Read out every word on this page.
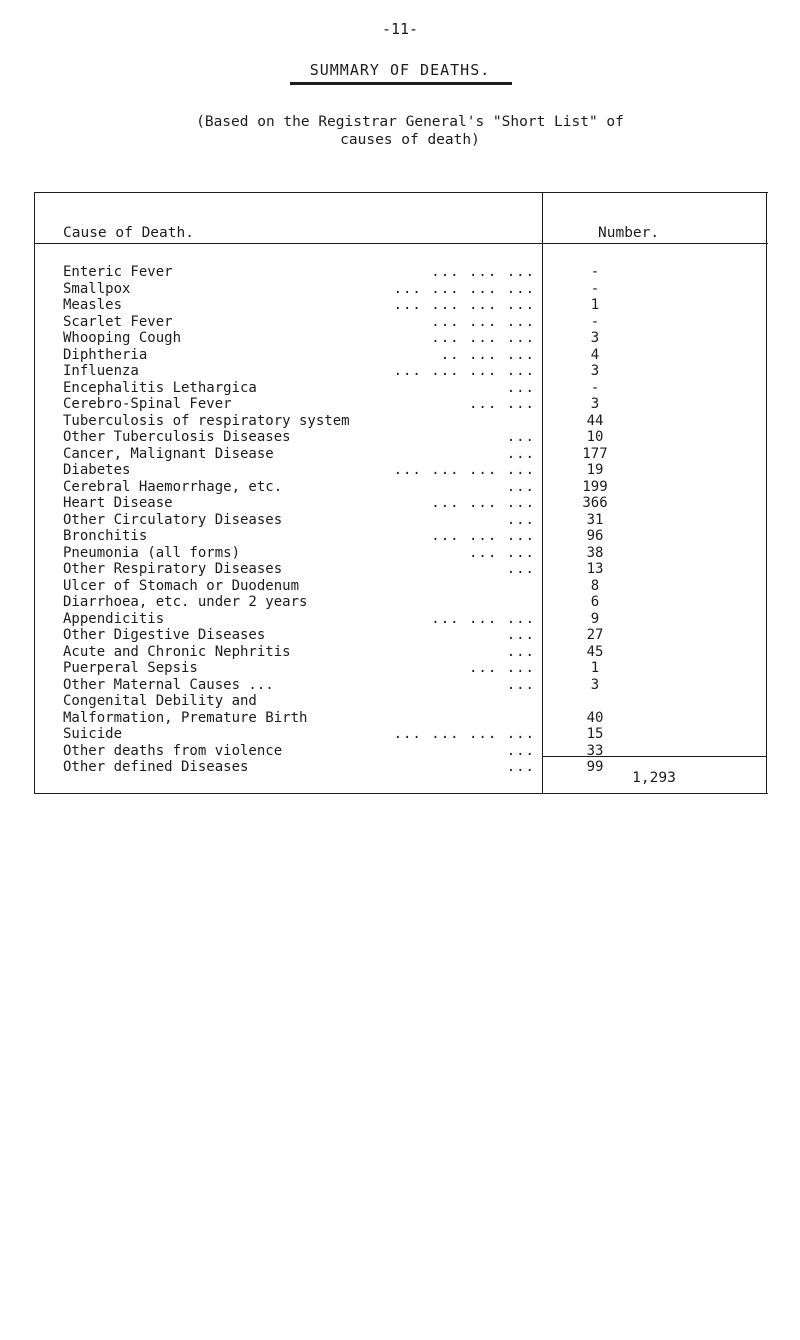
-11-
SUMMARY OF DEATHS.
(Based on the Registrar General's "Short List" of
causes of death)
Cause of Death.	Number.
Enteric Fever	... ... ...	-
Smallpox	... ... ... ...	-
Measles	... ... ... ...	1
Scarlet Fever	... ... ...	-
Whooping Cough	... ... ...	3
Diphtheria	.. ... ...	4
Influenza	... ... ... ...	3
Encephalitis Lethargica	...	-
Cerebro-Spinal Fever	... ...	3
Tuberculosis of respiratory system	44
Other Tuberculosis Diseases	...	10
Cancer, Malignant Disease	...	177
Diabetes	... ... ... ...	19
Cerebral Haemorrhage, etc.	...	199
Heart Disease	... ... ...	366
Other Circulatory Diseases	...	31
Bronchitis	... ... ...	96
Pneumonia (all forms)	... ...	38
Other Respiratory Diseases	...	13
Ulcer of Stomach or Duodenum	8
Diarrhoea, etc. under 2 years	6
Appendicitis	... ... ...	9
Other Digestive Diseases	...	27
Acute and Chronic Nephritis	...	45
Puerperal Sepsis	... ...	1
Other Maternal Causes ...	...	3
Congenital Debility and
Malformation, Premature Birth	40
Suicide	... ... ... ...	15
Other deaths from violence	...	33
Other defined Diseases	...	99
1,293
